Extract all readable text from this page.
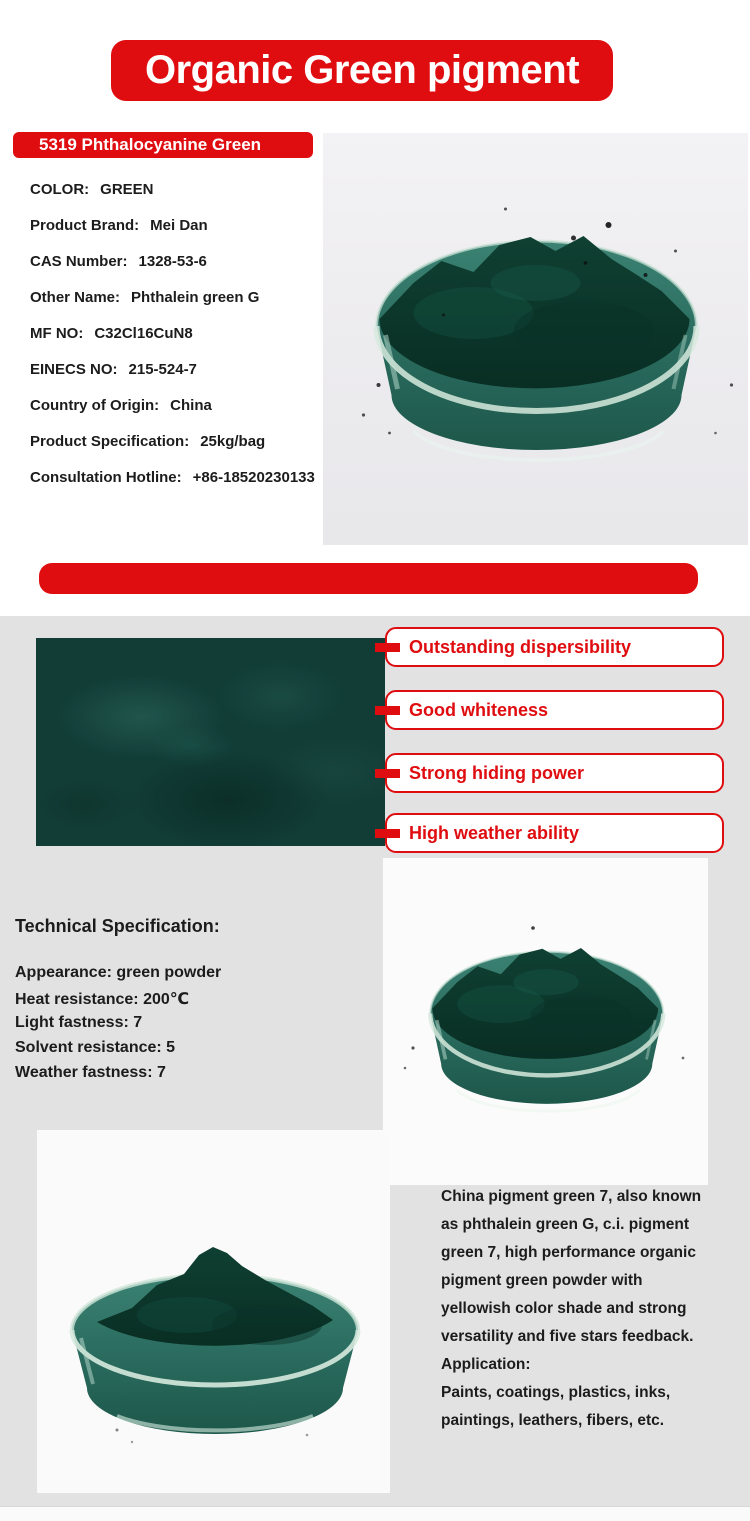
Organic Green pigment
5319 Phthalocyanine Green
COLOR: GREEN
Product Brand: Mei Dan
CAS Number: 1328-53-6
Other Name: Phthalein green G
MF NO: C32Cl16CuN8
EINECS NO: 215-524-7
Country of Origin: China
Product Specification: 25kg/bag
Consultation Hotline: +86-18520230133
Outstanding dispersibility
Good whiteness
Strong hiding power
High weather ability
Technical Specification:
Appearance: green powder
Heat resistance: 200℃
Light fastness: 7
Solvent resistance: 5
Weather fastness: 7
China pigment green 7, also known
as phthalein green G, c.i. pigment
green 7, high performance organic
pigment green powder with
yellowish color shade and strong
versatility and five stars feedback.
Application:
Paints, coatings, plastics, inks,
paintings, leathers, fibers, etc.
